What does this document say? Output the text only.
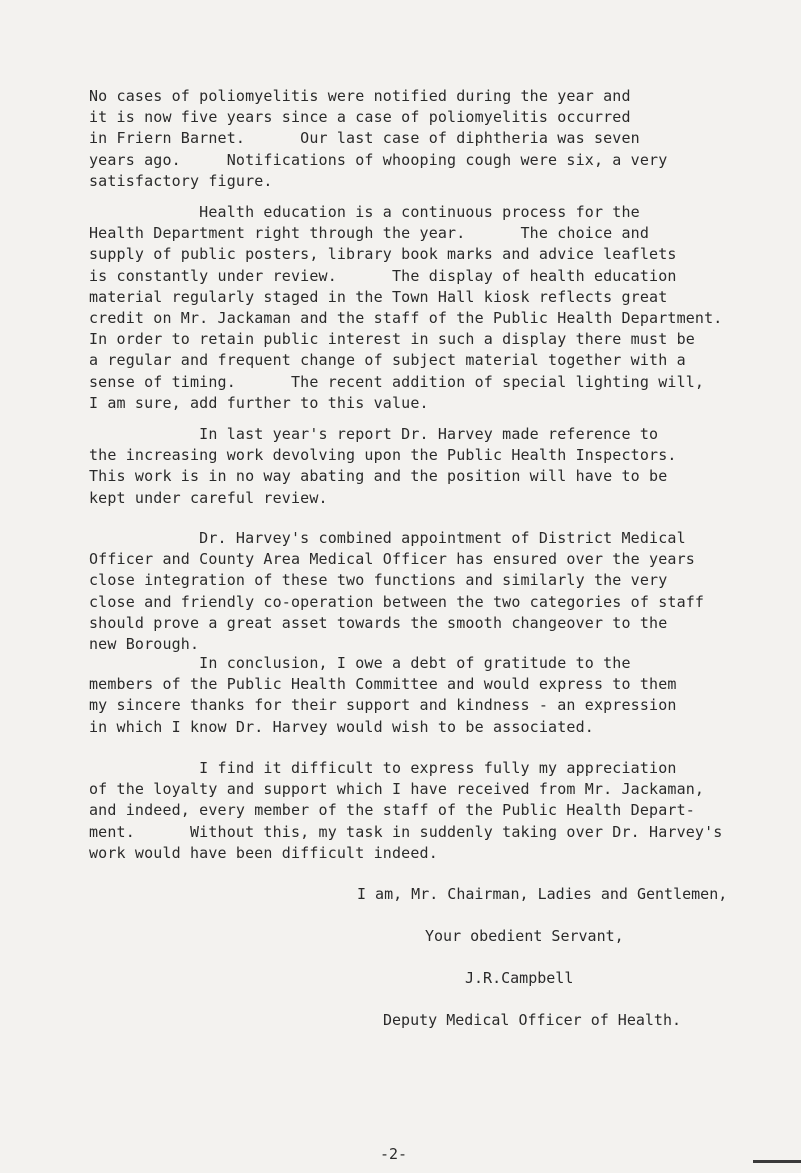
No cases of poliomyelitis were notified during the year and
it is now five years since a case of poliomyelitis occurred
in Friern Barnet.      Our last case of diphtheria was seven
years ago.     Notifications of whooping cough were six, a very
satisfactory figure.

Health education is a continuous process for the
Health Department right through the year.      The choice and
supply of public posters, library book marks and advice leaflets
is constantly under review.      The display of health education
material regularly staged in the Town Hall kiosk reflects great
credit on Mr. Jackaman and the staff of the Public Health Department.
In order to retain public interest in such a display there must be
a regular and frequent change of subject material together with a
sense of timing.      The recent addition of special lighting will,
I am sure, add further to this value.

In last year's report Dr. Harvey made reference to
the increasing work devolving upon the Public Health Inspectors.
This work is in no way abating and the position will have to be
kept under careful review.

Dr. Harvey's combined appointment of District Medical
Officer and County Area Medical Officer has ensured over the years
close integration of these two functions and similarly the very
close and friendly co-operation between the two categories of staff
should prove a great asset towards the smooth changeover to the
new Borough.

In conclusion, I owe a debt of gratitude to the
members of the Public Health Committee and would express to them
my sincere thanks for their support and kindness - an expression
in which I know Dr. Harvey would wish to be associated.

I find it difficult to express fully my appreciation
of the loyalty and support which I have received from Mr. Jackaman,
and indeed, every member of the staff of the Public Health Depart-
ment.      Without this, my task in suddenly taking over Dr. Harvey's
work would have been difficult indeed.

I am, Mr. Chairman, Ladies and Gentlemen,

Your obedient Servant,

J.R.Campbell

Deputy Medical Officer of Health.

-2-
